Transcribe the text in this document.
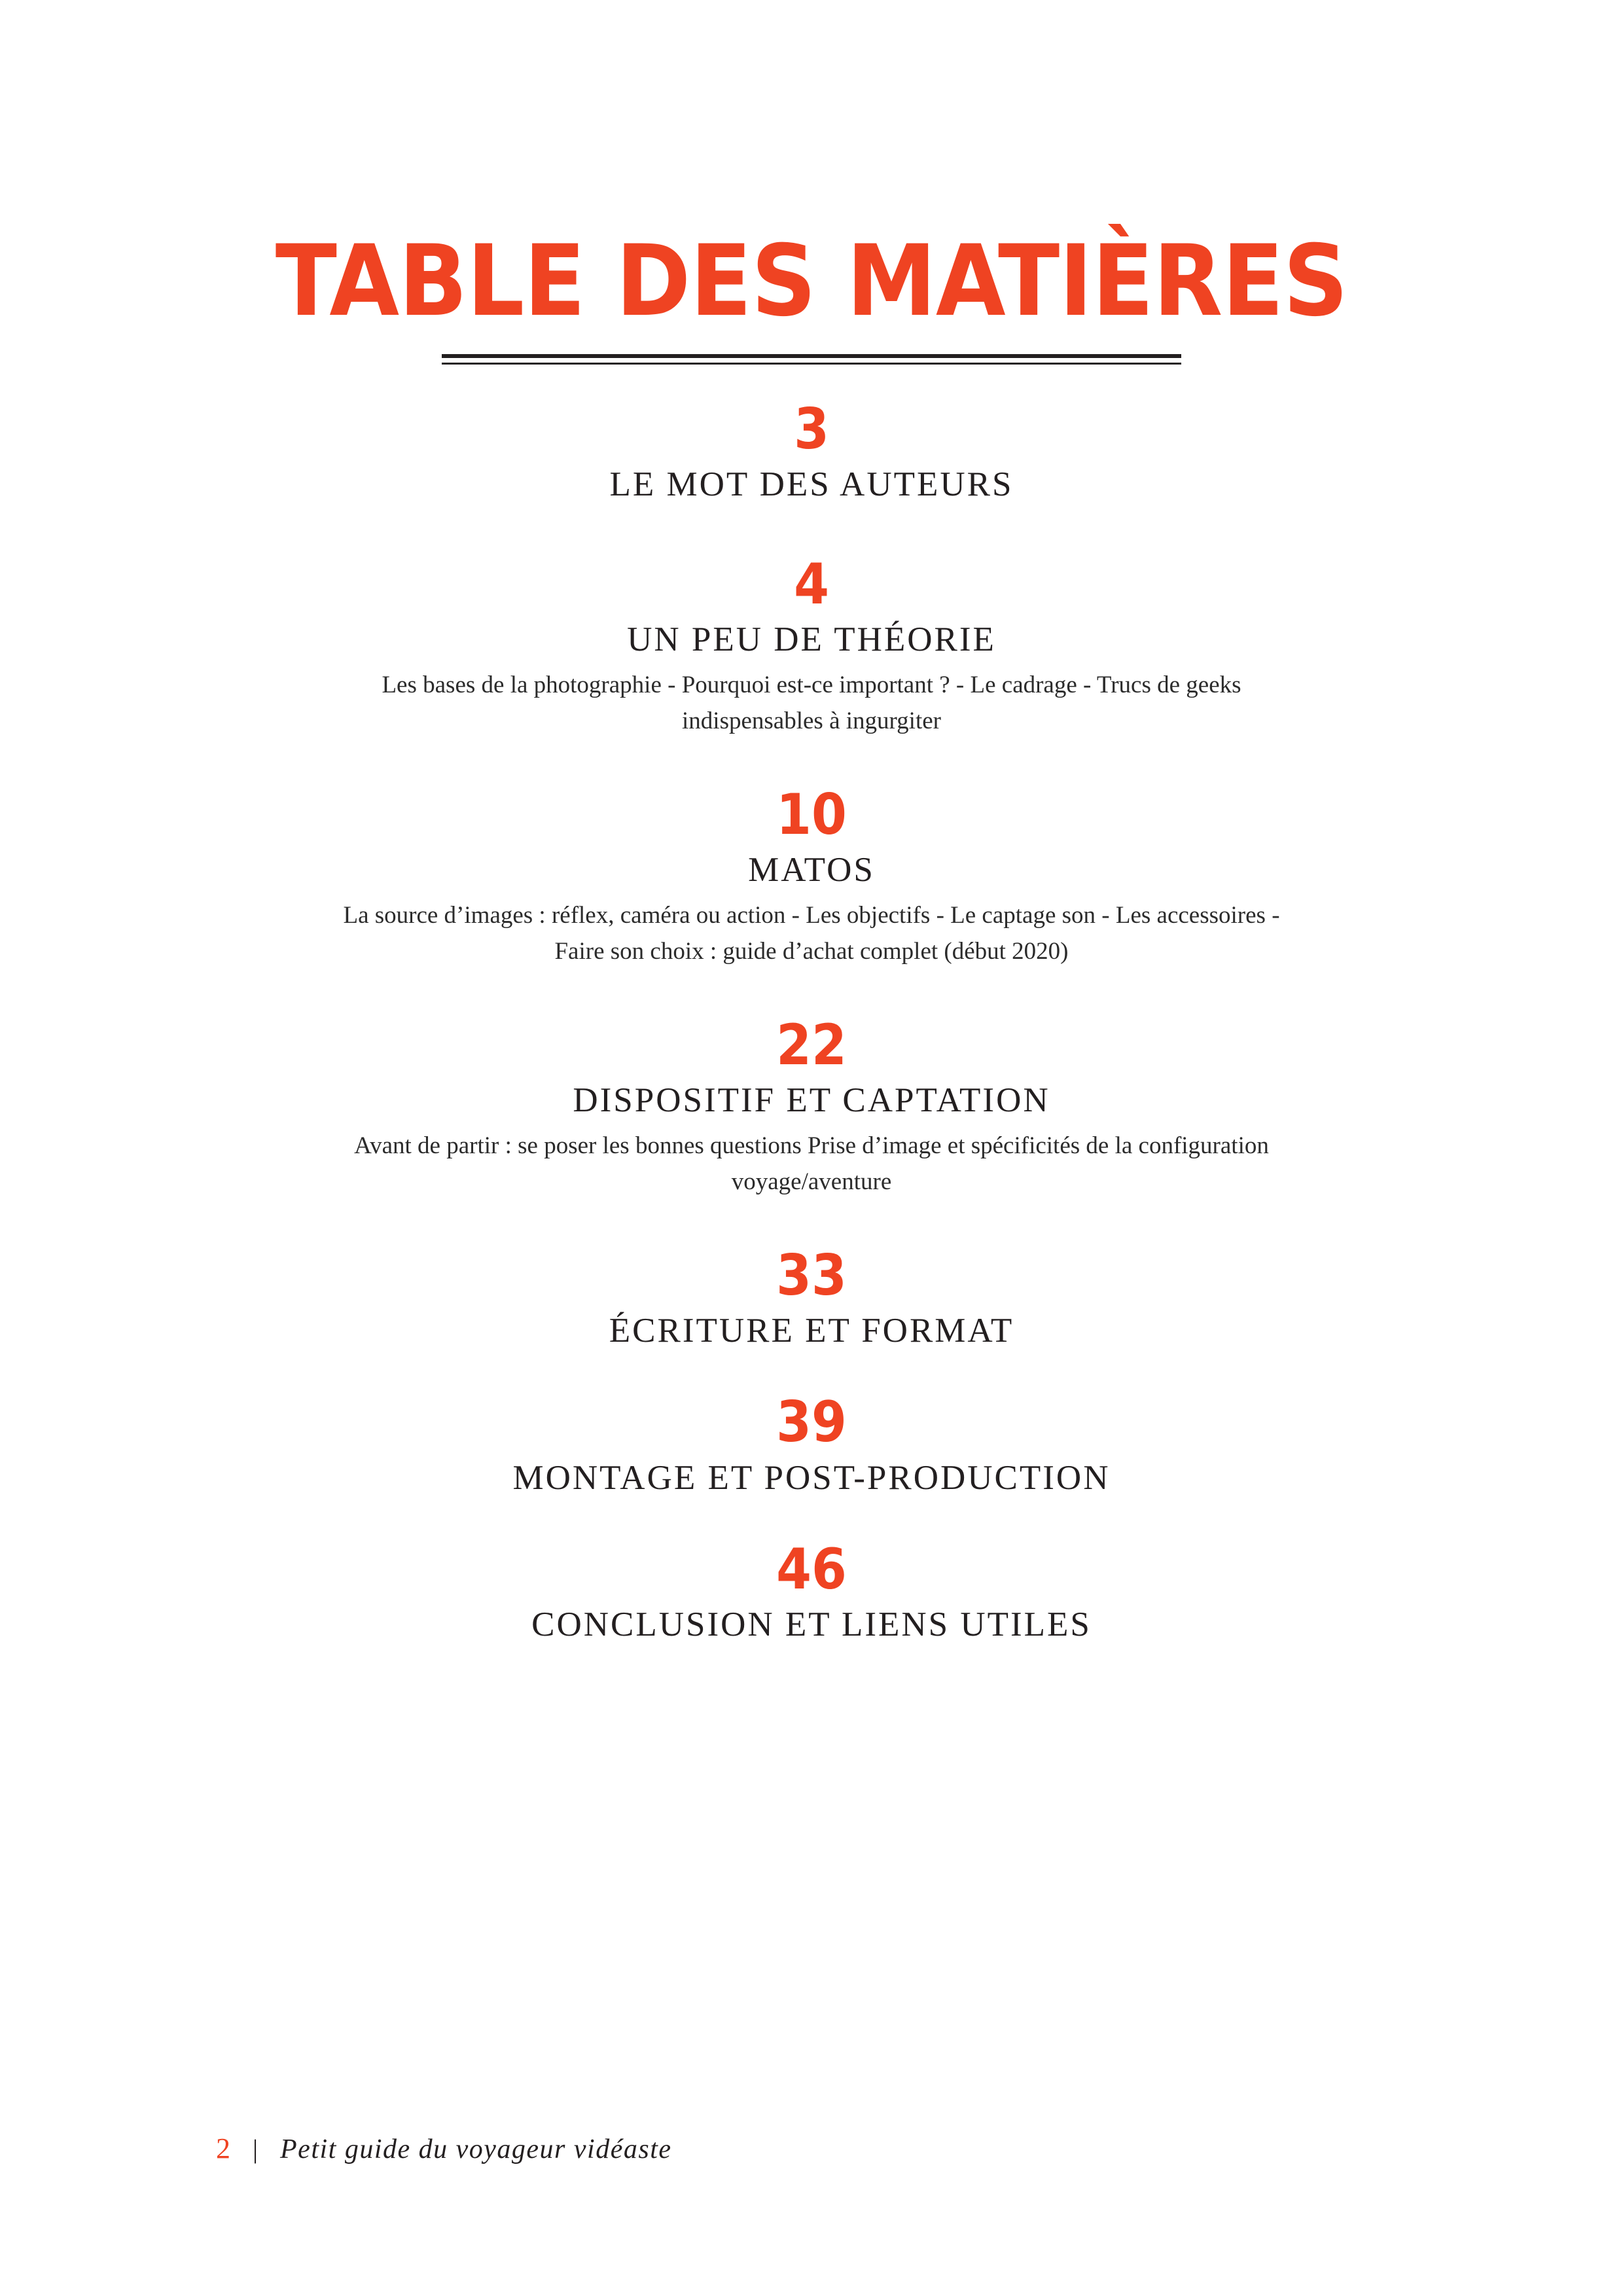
TABLE DES MATIÈRES
3
LE MOT DES AUTEURS
4
UN PEU DE THÉORIE
Les bases de la photographie - Pourquoi est-ce important ? - Le cadrage - Trucs de geeks indispensables à ingurgiter
10
MATOS
La source d’images : réflex, caméra ou action - Les objectifs - Le captage son - Les accessoires - Faire son choix : guide d’achat complet (début 2020)
22
DISPOSITIF ET CAPTATION
Avant de partir : se poser les bonnes questions Prise d’image et spécificités de la configuration voyage/aventure
33
ÉCRITURE ET FORMAT
39
MONTAGE ET POST-PRODUCTION
46
CONCLUSION ET LIENS UTILES
2 | Petit guide du voyageur vidéaste
